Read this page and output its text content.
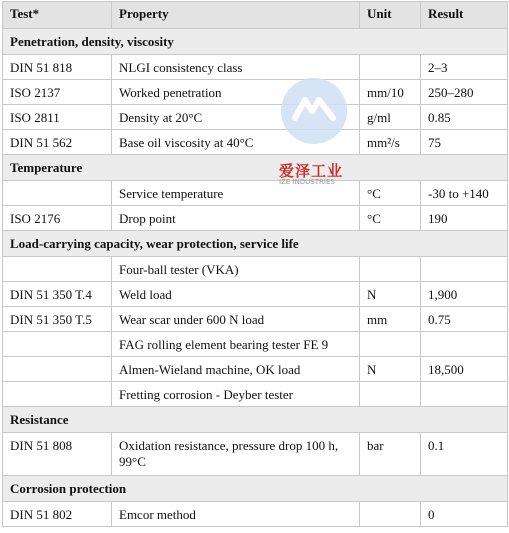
Test*	Property	Unit	Result
Penetration, density, viscosity			
DIN 51 818	NLGI consistency class		2–3
ISO 2137	Worked penetration	mm/10	250–280
ISO 2811	Density at 20°C	g/ml	0.85
DIN 51 562	Base oil viscosity at 40°C	mm²/s	75
Temperature			
	Service temperature	°C	-30 to +140
ISO 2176	Drop point	°C	190
Load-carrying capacity, wear protection, service life			
	Four-ball tester (VKA)		
DIN 51 350 T.4	Weld load	N	1,900
DIN 51 350 T.5	Wear scar under 600 N load	mm	0.75
	FAG rolling element bearing tester FE 9		
	Almen-Wieland machine, OK load	N	18,500
	Fretting corrosion - Deyber tester		
Resistance			
DIN 51 808	Oxidation resistance, pressure drop 100 h, 99°C	bar	0.1
Corrosion protection			
DIN 51 802	Emcor method		0
爱泽工业
IZE INDUSTRIES
